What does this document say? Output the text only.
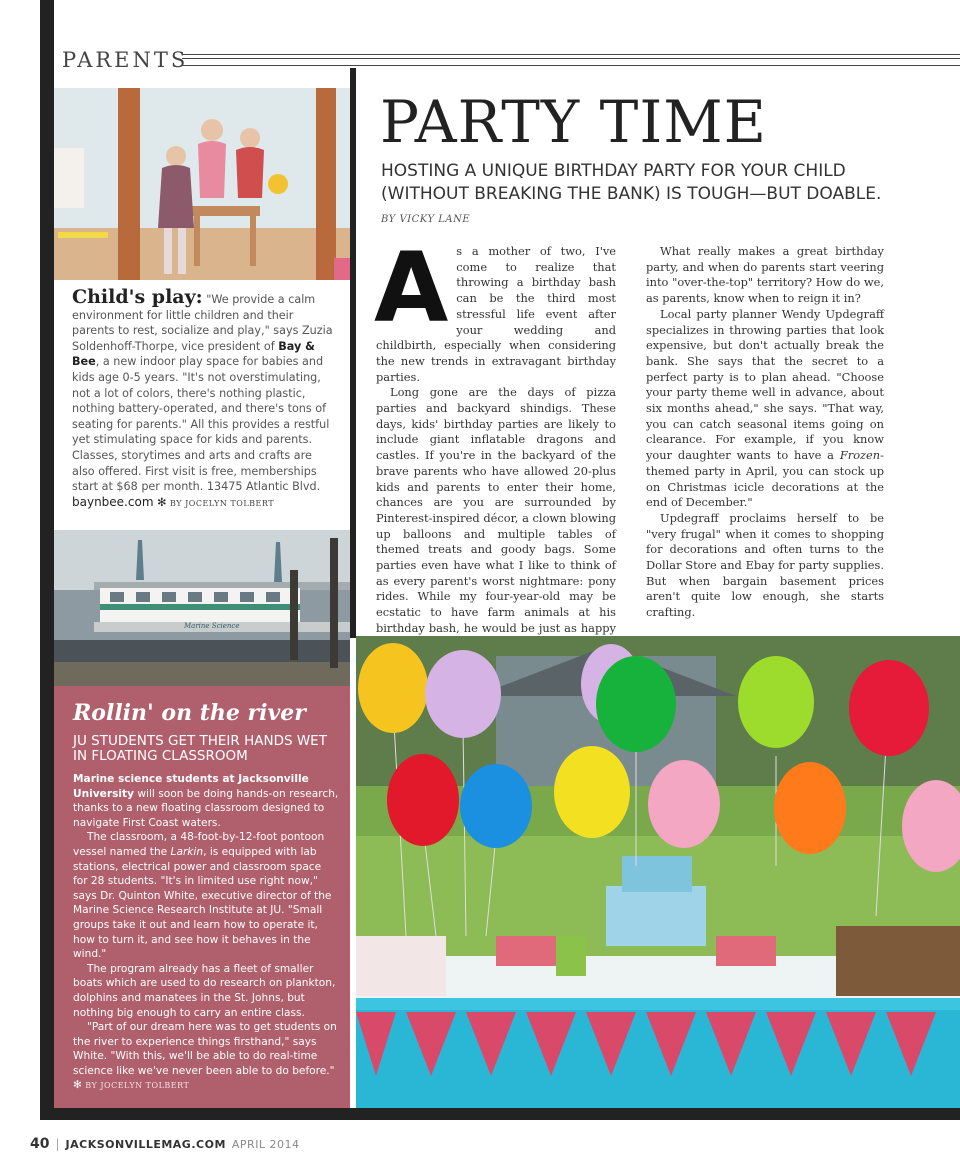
PARENTS
Child's play: "We provide a calm environment for little children and their parents to rest, socialize and play," says Zuzia Soldenhoff-Thorpe, vice president of Bay & Bee, a new indoor play space for babies and kids age 0-5 years. "It's not overstimulating, not a lot of colors, there's nothing plastic, nothing battery-operated, and there's tons of seating for parents." All this provides a restful yet stimulating space for kids and parents. Classes, storytimes and arts and crafts are also offered. First visit is free, memberships start at $68 per month. 13475 Atlantic Blvd. baynbee.com ✻ BY JOCELYN TOLBERT
Marine Science
Rollin' on the river
JU STUDENTS GET THEIR HANDS WET IN FLOATING CLASSROOM

Marine science students at Jacksonville University will soon be doing hands-on research, thanks to a new floating classroom designed to navigate First Coast waters.

The classroom, a 48-foot-by-12-foot pontoon vessel named the Larkin, is equipped with lab stations, electrical power and classroom space for 28 students. "It's in limited use right now," says Dr. Quinton White, executive director of the Marine Science Research Institute at JU. "Small groups take it out and learn how to operate it, how to turn it, and see how it behaves in the wind."

The program already has a fleet of smaller boats which are used to do research on plankton, dolphins and manatees in the St. Johns, but nothing big enough to carry an entire class.

"Part of our dream here was to get students on the river to experience things firsthand," says White. "With this, we'll be able to do real-time science like we've never been able to do before." ✻ BY JOCELYN TOLBERT

PARTY TIME
HOSTING A UNIQUE BIRTHDAY PARTY FOR YOUR CHILD (WITHOUT BREAKING THE BANK) IS TOUGH—BUT DOABLE. BY VICKY LANE
A s a mother of two, I've come to realize that throwing a birthday bash can be the third most stressful life event after your wedding and childbirth, especially when considering the new trends in extravagant birthday parties.

Long gone are the days of pizza parties and backyard shindigs. These days, kids' birthday parties are likely to include giant inflatable dragons and castles. If you're in the backyard of the brave parents who have allowed 20-plus kids and parents to enter their home, chances are you are surrounded by Pinterest-inspired décor, a clown blowing up balloons and multiple tables of themed treats and goody bags. Some parties even have what I like to think of as every parent's worst nightmare: pony rides. While my four-year-old may be ecstatic to have farm animals at his birthday bash, he would be just as happy

What really makes a great birthday party, and when do parents start veering into "over-the-top" territory? How do we, as parents, know when to reign it in?

Local party planner Wendy Updegraff specializes in throwing parties that look expensive, but don't actually break the bank. She says that the secret to a perfect party is to plan ahead. "Choose your party theme well in advance, about six months ahead," she says. "That way, you can catch seasonal items going on clearance. For example, if you know your daughter wants to have a Frozen-themed party in April, you can stock up on Christmas icicle decorations at the end of December."

Updegraff proclaims herself to be "very frugal" when it comes to shopping for decorations and often turns to the Dollar Store and Ebay for party supplies. But when bargain basement prices aren't quite low enough, she starts crafting.

40 | JACKSONVILLEMAG.COM APRIL 2014
